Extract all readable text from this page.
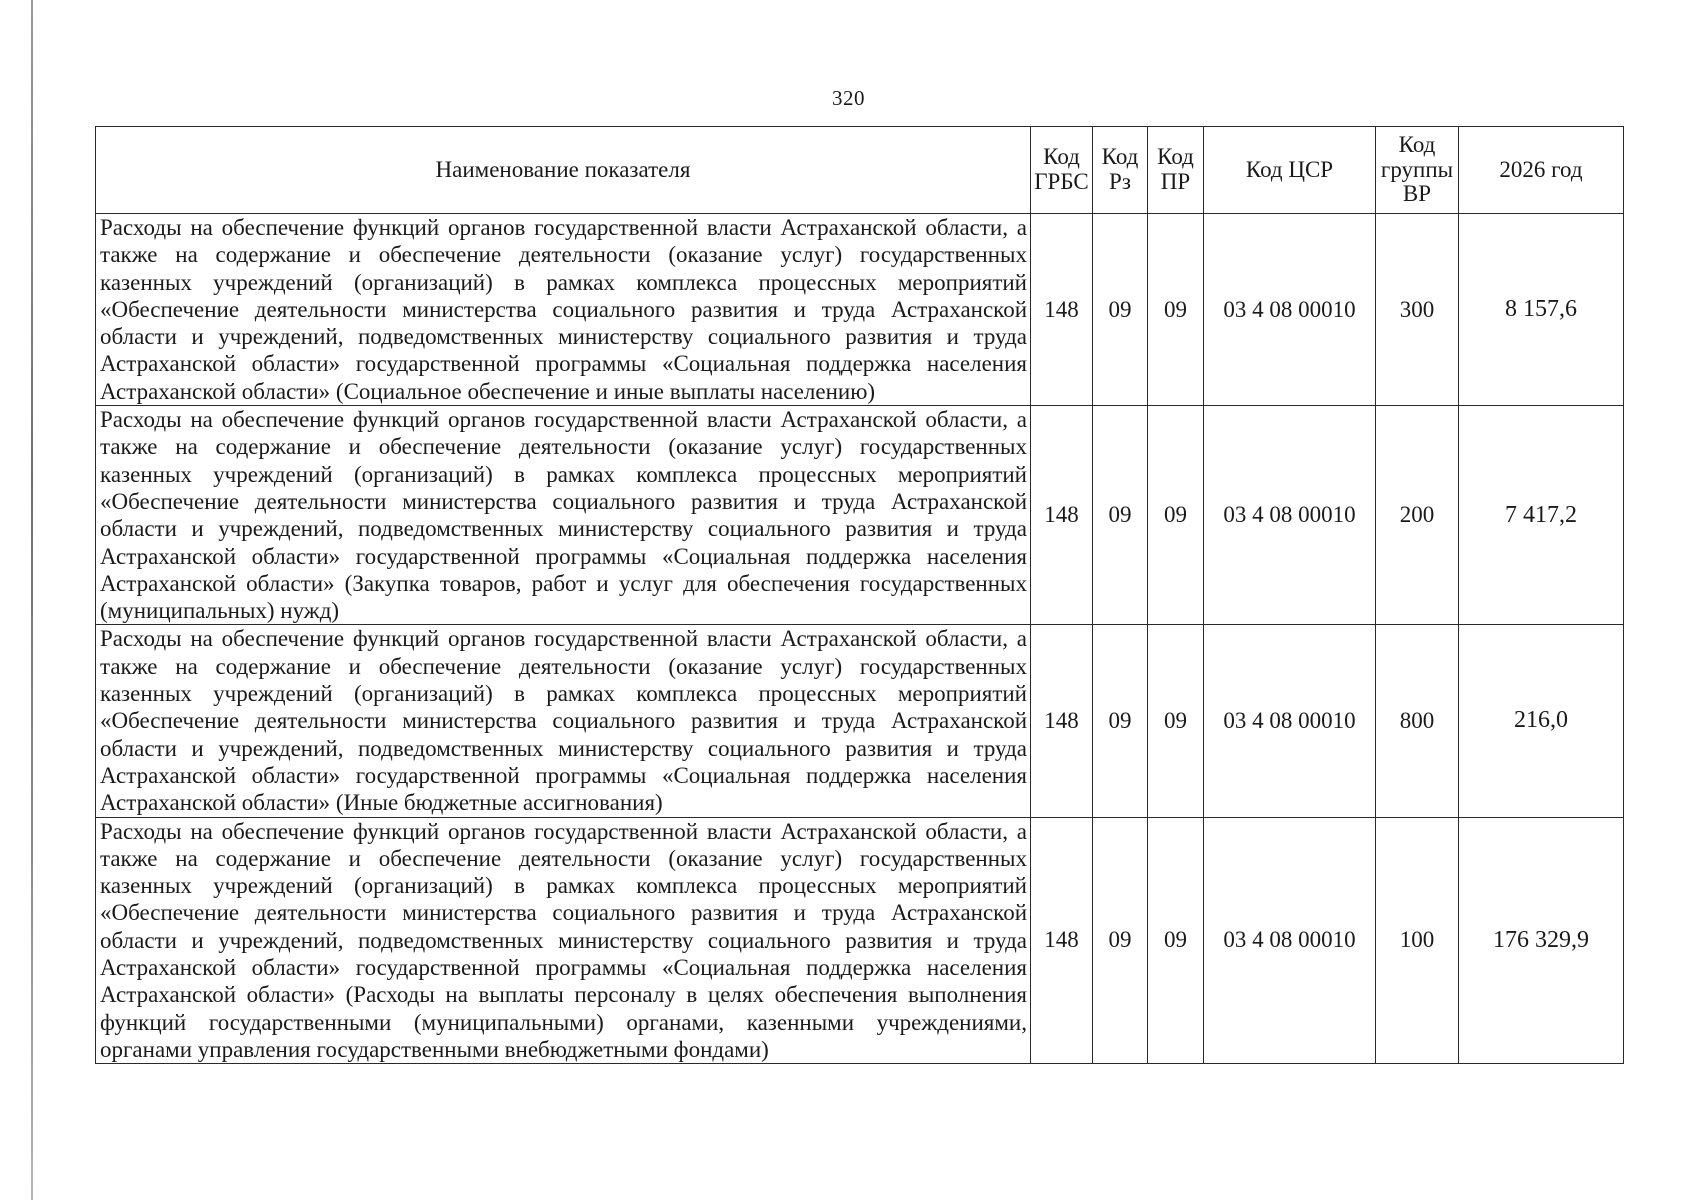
320
Наименование показателя	Код ГРБС	Код Рз	Код ПР	Код ЦСР	Код группы ВР	2026 год
Расходы на обеспечение функций органов государственной власти Астраханской области, а также на содержание и обеспечение деятельности (оказание услуг) государственных казенных учреждений (организаций) в рамках комплекса процессных мероприятий «Обеспечение деятельности министерства социального развития и труда Астраханской области и учреждений, подведомственных министерству социального развития и труда Астраханской области» государственной программы «Социальная поддержка населения Астраханской области» (Социальное обеспечение и иные выплаты населению)	148	09	09	03 4 08 00010	300	8 157,6
Расходы на обеспечение функций органов государственной власти Астраханской области, а также на содержание и обеспечение деятельности (оказание услуг) государственных казенных учреждений (организаций) в рамках комплекса процессных мероприятий «Обеспечение деятельности министерства социального развития и труда Астраханской области и учреждений, подведомственных министерству социального развития и труда Астраханской области» государственной программы «Социальная поддержка населения Астраханской области» (Закупка товаров, работ и услуг для обеспечения государственных (муниципальных) нужд)	148	09	09	03 4 08 00010	200	7 417,2
Расходы на обеспечение функций органов государственной власти Астраханской области, а также на содержание и обеспечение деятельности (оказание услуг) государственных казенных учреждений (организаций) в рамках комплекса процессных мероприятий «Обеспечение деятельности министерства социального развития и труда Астраханской области и учреждений, подведомственных министерству социального развития и труда Астраханской области» государственной программы «Социальная поддержка населения Астраханской области» (Иные бюджетные ассигнования)	148	09	09	03 4 08 00010	800	216,0
Расходы на обеспечение функций органов государственной власти Астраханской области, а также на содержание и обеспечение деятельности (оказание услуг) государственных казенных учреждений (организаций) в рамках комплекса процессных мероприятий «Обеспечение деятельности министерства социального развития и труда Астраханской области и учреждений, подведомственных министерству социального развития и труда Астраханской области» государственной программы «Социальная поддержка населения Астраханской области» (Расходы на выплаты персоналу в целях обеспечения выполнения функций государственными (муниципальными) органами, казенными учреждениями, органами управления государственными внебюджетными фондами)	148	09	09	03 4 08 00010	100	176 329,9
